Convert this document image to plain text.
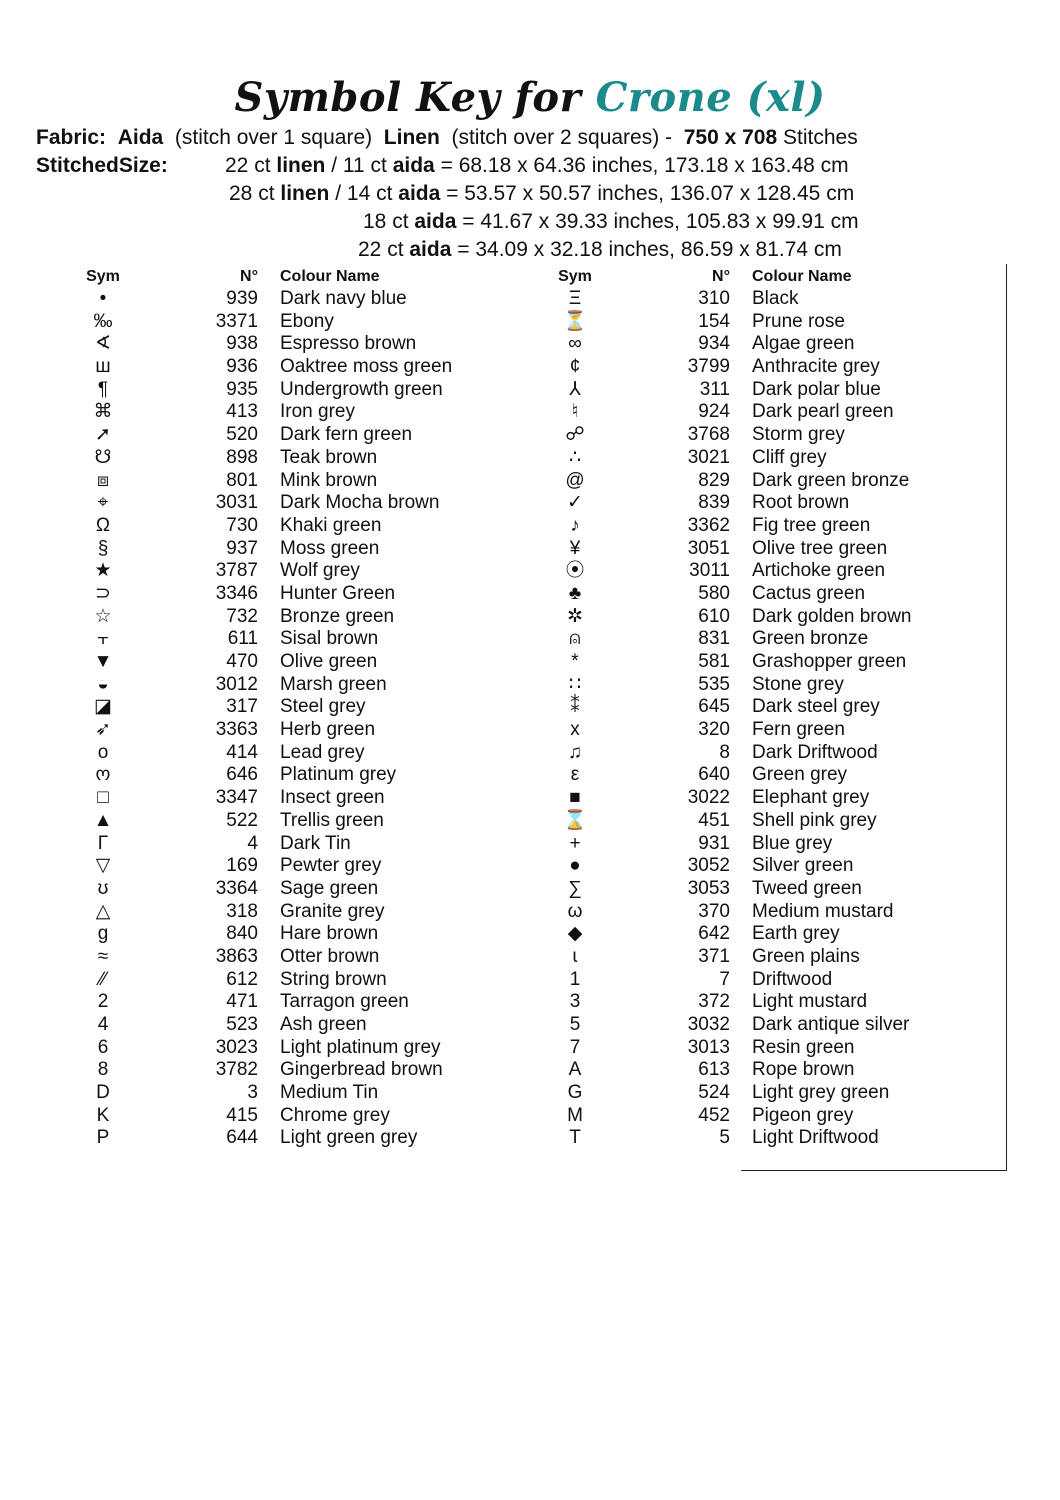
Symbol Key for Crone (xl)
Fabric: Aida (stitch over 1 square) Linen (stitch over 2 squares) - 750 x 708 Stitches
StitchedSize:	22 ct linen / 11 ct aida = 68.18 x 64.36 inches, 173.18 x 163.48 cm
28 ct linen / 14 ct aida = 53.57 x 50.57 inches, 136.07 x 128.45 cm
18 ct aida = 41.67 x 39.33 inches, 105.83 x 99.91 cm
22 ct aida = 34.09 x 32.18 inches, 86.59 x 81.74 cm
Sym	N° Colour Name
•	939 Dark navy blue
‰	3371 Ebony
∢	938 Espresso brown
ш	936 Oaktree moss green
¶	935 Undergrowth green
⌘	413 Iron grey
➚	520 Dark fern green
☋	898 Teak brown
⧈	801 Mink brown
⌖	3031 Dark Mocha brown
Ω	730 Khaki green
§	937 Moss green
★	3787 Wolf grey
⊃	3346 Hunter Green
☆	732 Bronze green
⫟	611 Sisal brown
▼	470 Olive green
◒	3012 Marsh green
◪	317 Steel grey
➶	3363 Herb green
o	414 Lead grey
ო	646 Platinum grey
□	3347 Insect green
▲	522 Trellis green
Γ	4 Dark Tin
▽	169 Pewter grey
ʊ	3364 Sage green
△	318 Granite grey
g	840 Hare brown
≈	3863 Otter brown
⁄⁄	612 String brown
2	471 Tarragon green
4	523 Ash green
6	3023 Light platinum grey
8	3782 Gingerbread brown
D	3 Medium Tin
K	415 Chrome grey
P	644 Light green grey
Sym	N° Colour Name
Ξ	310 Black
⏳	154 Prune rose
∞	934 Algae green
¢	3799 Anthracite grey
⅄	311 Dark polar blue
♮	924 Dark pearl green
☍	3768 Storm grey
∴	3021 Cliff grey
@	829 Dark green bronze
✓	839 Root brown
♪	3362 Fig tree green
¥	3051 Olive tree green
⦿	3011 Artichoke green
♣	580 Cactus green
✲	610 Dark golden brown
⍝	831 Green bronze
*	581 Grashopper green
∷	535 Stone grey
⁑	645 Dark steel grey
x	320 Fern green
♫	8 Dark Driftwood
ε	640 Green grey
■	3022 Elephant grey
⌛	451 Shell pink grey
+	931 Blue grey
●	3052 Silver green
∑	3053 Tweed green
ω	370 Medium mustard
◆	642 Earth grey
ɩ	371 Green plains
1	7 Driftwood
3	372 Light mustard
5	3032 Dark antique silver
7	3013 Resin green
A	613 Rope brown
G	524 Light grey green
M	452 Pigeon grey
T	5 Light Driftwood
